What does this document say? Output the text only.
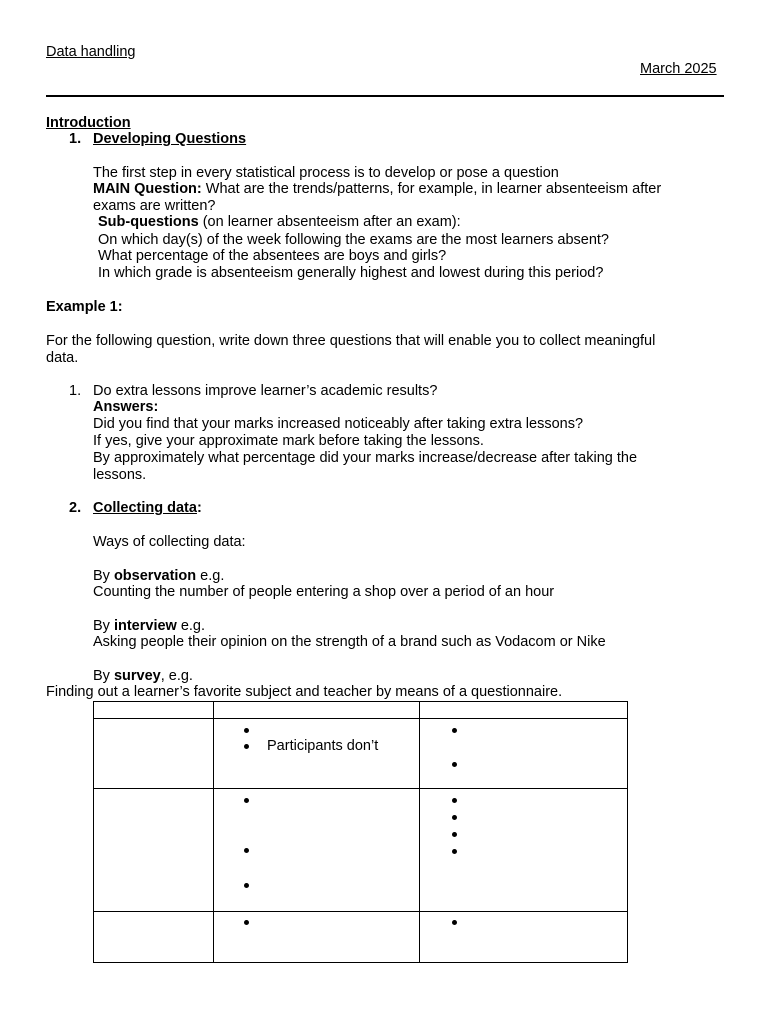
Data handling
March 2025
Introduction
1. Developing Questions
The first step in every statistical process is to develop or pose a question
MAIN Question: What are the trends/patterns, for example, in learner absenteeism after
exams are written?
Sub-questions (on learner absenteeism after an exam):
On which day(s) of the week following the exams are the most learners absent?
What percentage of the absentees are boys and girls?
In which grade is absenteeism generally highest and lowest during this period?
Example 1:
For the following question, write down three questions that will enable you to collect meaningful
data.
1. Do extra lessons improve learner’s academic results?
Answers:
Did you find that your marks increased noticeably after taking extra lessons?
If yes, give your approximate mark before taking the lessons.
By approximately what percentage did your marks increase/decrease after taking the
lessons.
2. Collecting data:
Ways of collecting data:
By observation e.g.
Counting the number of people entering a shop over a period of an hour
By interview e.g.
Asking people their opinion on the strength of a brand such as Vodacom or Nike
By survey, e.g.
Finding out a learner’s favorite subject and teacher by means of a questionnaire.

	Participants don’t	
